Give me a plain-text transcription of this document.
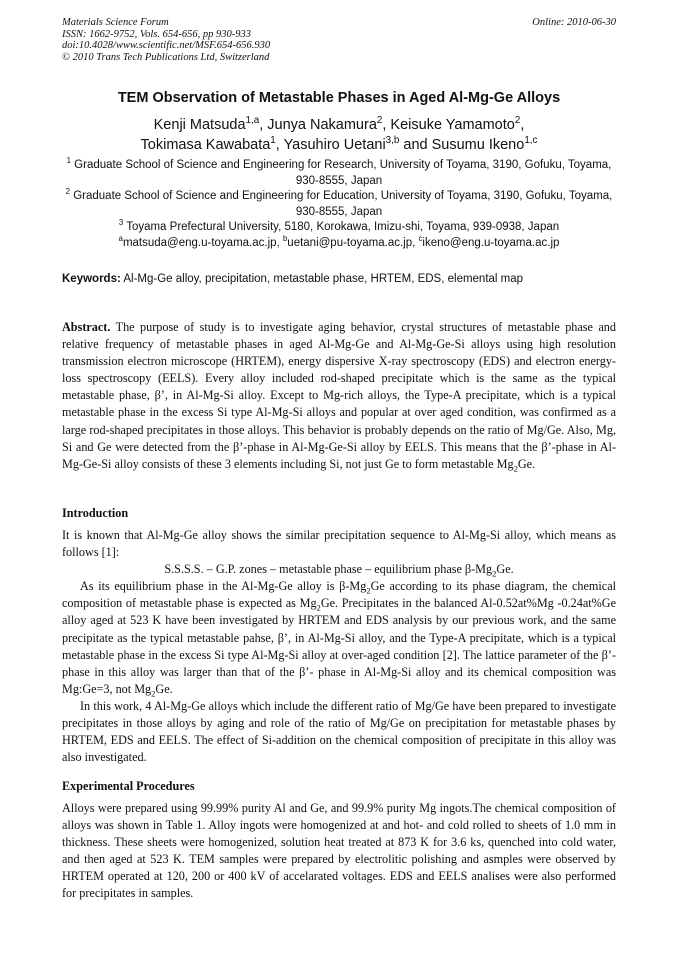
Materials Science Forum
ISSN: 1662-9752, Vols. 654-656, pp 930-933
doi:10.4028/www.scientific.net/MSF.654-656.930
© 2010 Trans Tech Publications Ltd, Switzerland
Online: 2010-06-30
TEM Observation of Metastable Phases in Aged Al-Mg-Ge Alloys
Kenji Matsuda$^{1,a}$, Junya Nakamura$^2$, Keisuke Yamamoto$^2$,
Tokimasa Kawabata$^1$, Yasuhiro Uetani$^{3,b}$ and Susumu Ikeno$^{1,c}$
$^1$ Graduate School of Science and Engineering for Research, University of Toyama, 3190, Gofuku, Toyama, 930-8555, Japan
$^2$ Graduate School of Science and Engineering for Education, University of Toyama, 3190, Gofuku, Toyama, 930-8555, Japan
$^3$ Toyama Prefectural University, 5180, Korokawa, Imizu-shi, Toyama, 939-0938, Japan
$^a$matsuda@eng.u-toyama.ac.jp, $^b$uetani@pu-toyama.ac.jp, $^c$ikeno@eng.u-toyama.ac.jp
Keywords: Al-Mg-Ge alloy, precipitation, metastable phase, HRTEM, EDS, elemental map
Abstract. The purpose of study is to investigate aging behavior, crystal structures of metastable phase and relative frequency of metastable phases in aged Al-Mg-Ge and Al-Mg-Ge-Si alloys using high resolution transmission electron microscope (HRTEM), energy dispersive X-ray spectroscopy (EDS) and electron energy-loss spectroscopy (EELS). Every alloy included rod-shaped precipitate which is the same as the typical metastable phase, β’, in Al-Mg-Si alloy. Except to Mg-rich alloys, the Type-A precipitate, which is a typical metastable phase in the excess Si type Al-Mg-Si alloys and popular at over aged condition, was confirmed as a large rod-shaped precipitates in those alloys. This behavior is probably depends on the ratio of Mg/Ge. Also, Mg, Si and Ge were detected from the β’-phase in Al-Mg-Ge-Si alloy by EELS. This means that the β’-phase in Al-Mg-Ge-Si alloy consists of these 3 elements including Si, not just Ge to form metastable $Mg_2Ge$.
Introduction
It is known that Al-Mg-Ge alloy shows the similar precipitation sequence to Al-Mg-Si alloy, which means as follows [1]:
S.S.S.S. – G.P. zones – metastable phase – equilibrium phase $\beta-Mg_2Ge$.
As its equilibrium phase in the Al-Mg-Ge alloy is $\beta-Mg_2Ge$ according to its phase diagram, the chemical composition of metastable phase is expected as $Mg_2Ge$. Precipitates in the balanced Al-0.52at%Mg -0.24at%Ge alloy aged at 523 K have been investigated by HRTEM and EDS analysis by our previous work, and the same precipitate as the typical metastable pahse, β’, in Al-Mg-Si alloy, and the Type-A precipitate, which is a typical metastable phase in the excess Si type Al-Mg-Si alloy at over-aged condition [2]. The lattice parameter of the β’- phase in this alloy was larger than that of the β’- phase in Al-Mg-Si alloy and its chemical composition was Mg:Ge=3, not $Mg_2Ge$.
In this work, 4 Al-Mg-Ge alloys which include the different ratio of Mg/Ge have been prepared to investigate precipitates in those alloys by aging and role of the ratio of Mg/Ge on precipitation for metastable phases by HRTEM, EDS and EELS. The effect of Si-addition on the chemical composition of precipitate in this alloy was also investigated.
Experimental Procedures
Alloys were prepared using 99.99% purity Al and Ge, and 99.9% purity Mg ingots.The chemical composition of alloys was shown in Table 1. Alloy ingots were homogenized at and hot- and cold rolled to sheets of 1.0 mm in thickness. These sheets were homogenized, solution heat treated at 873 K for 3.6 ks, quenched into cold water, and then aged at 523 K. TEM samples were prepared by electrolitic polishing and asmples were observed by HRTEM operated at 120, 200 or 400 kV of accelarated voltages. EDS and EELS analises were also performed for precipitates in samples.
